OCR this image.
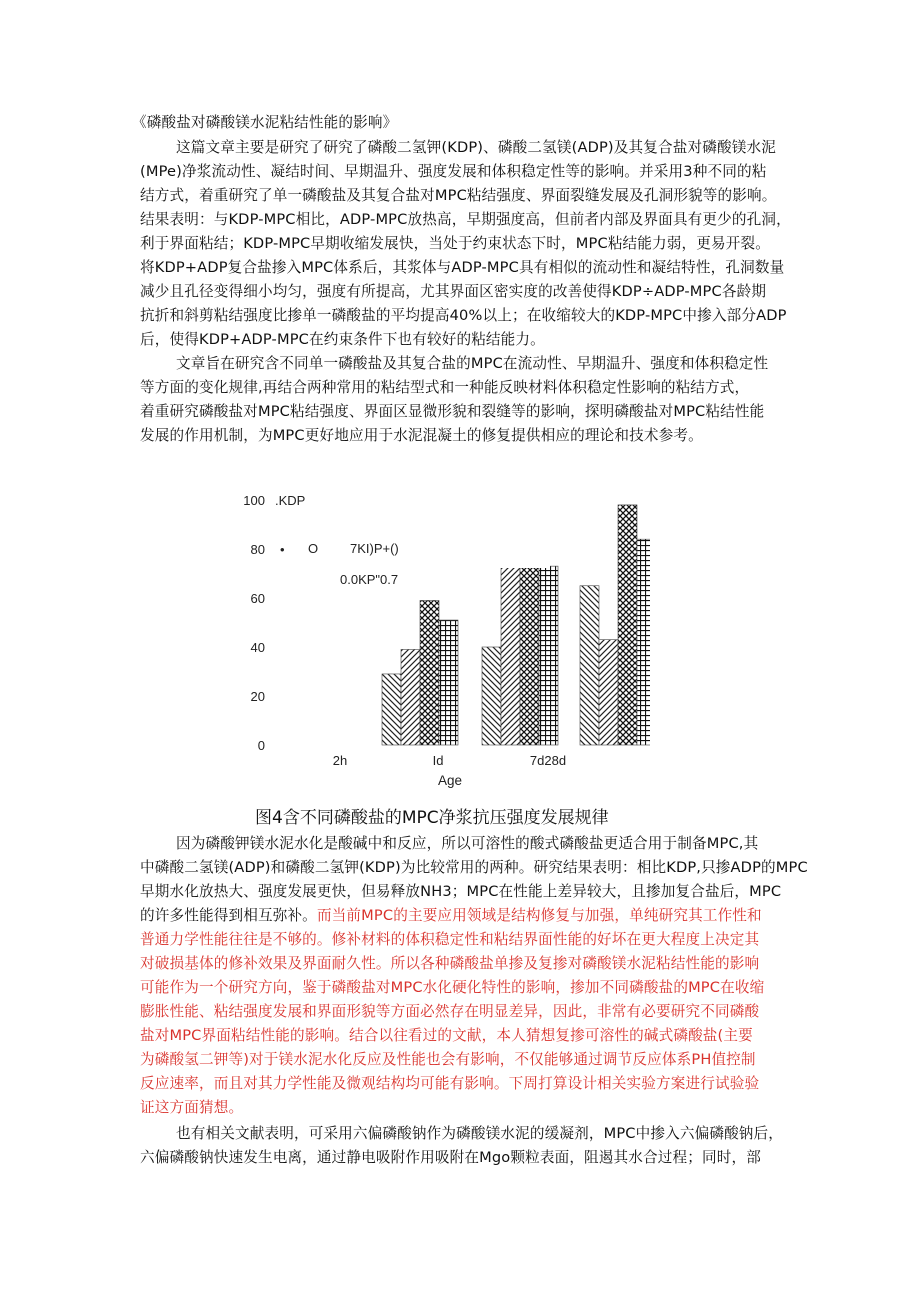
《磷酸盐对磷酸镁水泥粘结性能的影响》
这篇文章主要是研究了研究了磷酸二氢钾(KDP)、磷酸二氢镁(ADP)及其复合盐对磷酸镁水泥
(MPe)净浆流动性、凝结时间、早期温升、强度发展和体积稳定性等的影响。并采用3种不同的粘
结方式，着重研究了单一磷酸盐及其复合盐对MPC粘结强度、界面裂缝发展及孔洞形貌等的影响。
结果表明：与KDP-MPC相比，ADP-MPC放热高，早期强度高，但前者内部及界面具有更少的孔洞，
利于界面粘结；KDP-MPC早期收缩发展快，当处于约束状态下时，MPC粘结能力弱，更易开裂。
将KDP+ADP复合盐掺入MPC体系后，其浆体与ADP-MPC具有相似的流动性和凝结特性，孔洞数量
减少且孔径变得细小均匀，强度有所提高，尤其界面区密实度的改善使得KDP÷ADP-MPC各龄期
抗折和斜剪粘结强度比掺单一磷酸盐的平均提高40%以上；在收缩较大的KDP-MPC中掺入部分ADP
后，使得KDP+ADP-MPC在约束条件下也有较好的粘结能力。
文章旨在研究含不同单一磷酸盐及其复合盐的MPC在流动性、早期温升、强度和体积稳定性
等方面的变化规律,再结合两种常用的粘结型式和一种能反映材料体积稳定性影响的粘结方式，
着重研究磷酸盐对MPC粘结强度、界面区显微形貌和裂缝等的影响，探明磷酸盐对MPC粘结性能
发展的作用机制，为MPC更好地应用于水泥混凝土的修复提供相应的理论和技术参考。
100
80
60
40
20
0
.KDP
7KI)P+()
0.0KP"0.7
• O
2h	Id	7d28d
Age
图4含不同磷酸盐的MPC净浆抗压强度发展规律
因为磷酸钾镁水泥水化是酸碱中和反应，所以可溶性的酸式磷酸盐更适合用于制备MPC,其
中磷酸二氢镁(ADP)和磷酸二氢钾(KDP)为比较常用的两种。研究结果表明：相比KDP,只掺ADP的MPC
早期水化放热大、强度发展更快，但易释放NH3；MPC在性能上差异较大，且掺加复合盐后，MPC
的许多性能得到相互弥补。而当前MPC的主要应用领域是结构修复与加强，单纯研究其工作性和
普通力学性能往往是不够的。修补材料的体积稳定性和粘结界面性能的好坏在更大程度上决定其
对破损基体的修补效果及界面耐久性。所以各种磷酸盐单掺及复掺对磷酸镁水泥粘结性能的影响
可能作为一个研究方向，鉴于磷酸盐对MPC水化硬化特性的影响，掺加不同磷酸盐的MPC在收缩
膨胀性能、粘结强度发展和界面形貌等方面必然存在明显差异，因此，非常有必要研究不同磷酸
盐对MPC界面粘结性能的影响。结合以往看过的文献，本人猜想复掺可溶性的碱式磷酸盐(主要
为磷酸氢二钾等)对于镁水泥水化反应及性能也会有影响，不仅能够通过调节反应体系PH值控制
反应速率，而且对其力学性能及微观结构均可能有影响。下周打算设计相关实验方案进行试验验
证这方面猜想。
也有相关文献表明，可采用六偏磷酸钠作为磷酸镁水泥的缓凝剂，MPC中掺入六偏磷酸钠后，
六偏磷酸钠快速发生电离，通过静电吸附作用吸附在Mgo颗粒表面，阻遏其水合过程；同时，部
